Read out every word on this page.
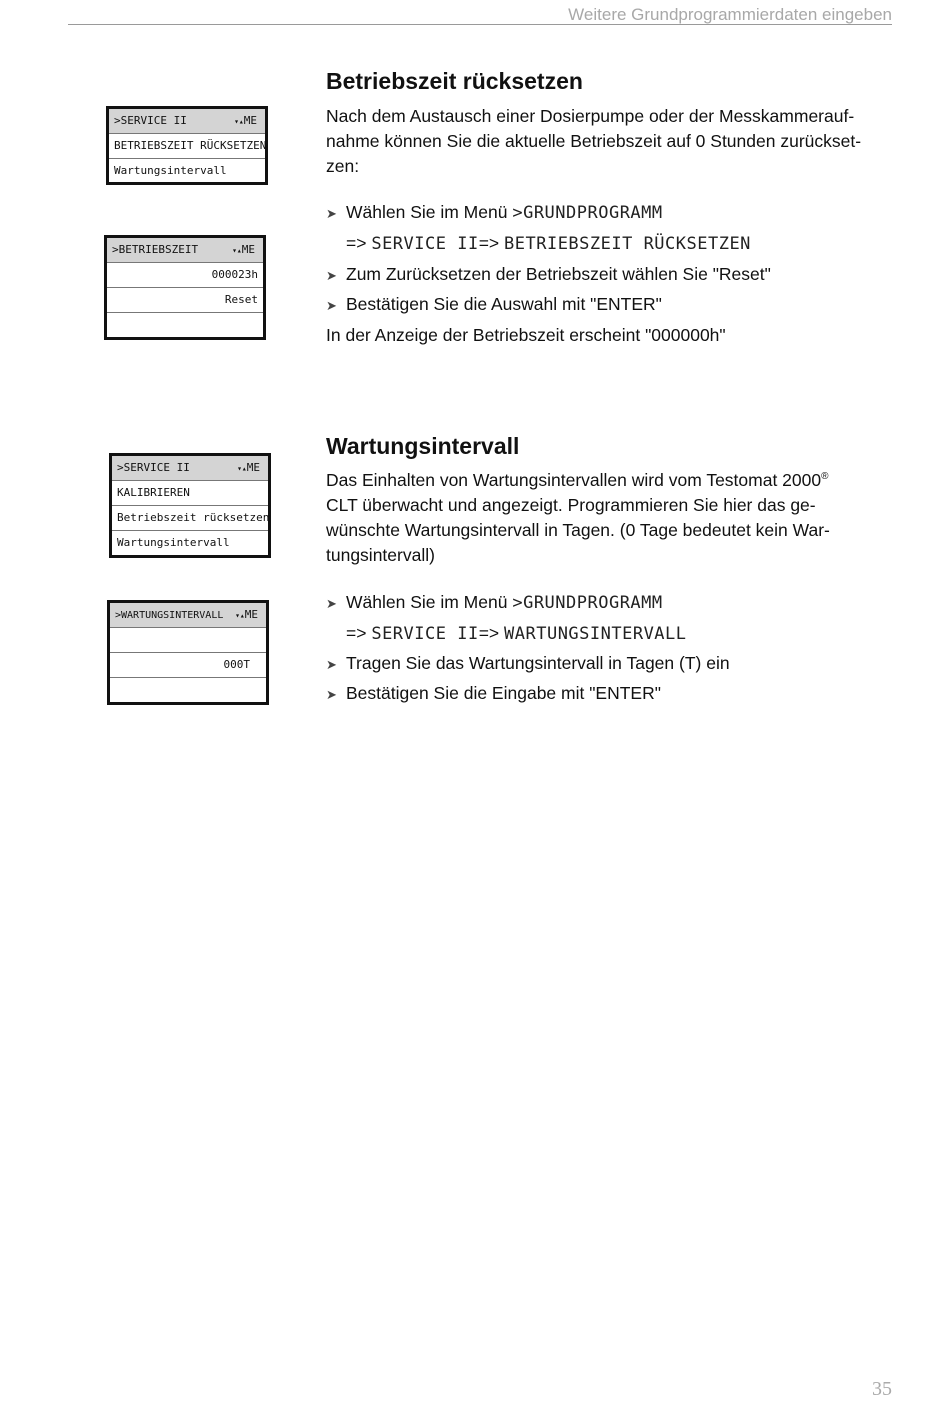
Weitere Grundprogrammierdaten eingeben
Betriebszeit rücksetzen
Nach dem Austausch einer Dosierpumpe oder der Messkammerauf-
nahme können Sie die aktuelle Betriebszeit auf 0 Stunden zurückset-
zen:
➤ Wählen Sie im Menü >GRUNDPROGRAMM
=> SERVICE II=> BETRIEBSZEIT RÜCKSETZEN
➤ Zum Zurücksetzen der Betriebszeit wählen Sie "Reset"
➤ Bestätigen Sie die Auswahl mit "ENTER"
In der Anzeige der Betriebszeit erscheint "000000h"
>SERVICE II	▾▴ME
BETRIEBSZEIT RÜCKSETZEN
Wartungsintervall
>BETRIEBSZEIT	▾▴ME
000023h
Reset
Wartungsintervall
Das Einhalten von Wartungsintervallen wird vom Testomat 2000®
CLT überwacht und angezeigt. Programmieren Sie hier das ge-
wünschte Wartungsintervall in Tagen. (0 Tage bedeutet kein War-
tungsintervall)
➤ Wählen Sie im Menü >GRUNDPROGRAMM
=> SERVICE II=> WARTUNGSINTERVALL
➤ Tragen Sie das Wartungsintervall in Tagen (T) ein
➤ Bestätigen Sie die Eingabe mit "ENTER"
>SERVICE II	▾▴ME
KALIBRIEREN
Betriebszeit rücksetzen
Wartungsintervall
>WARTUNGSINTERVALL ▾▴ME
000T
35
